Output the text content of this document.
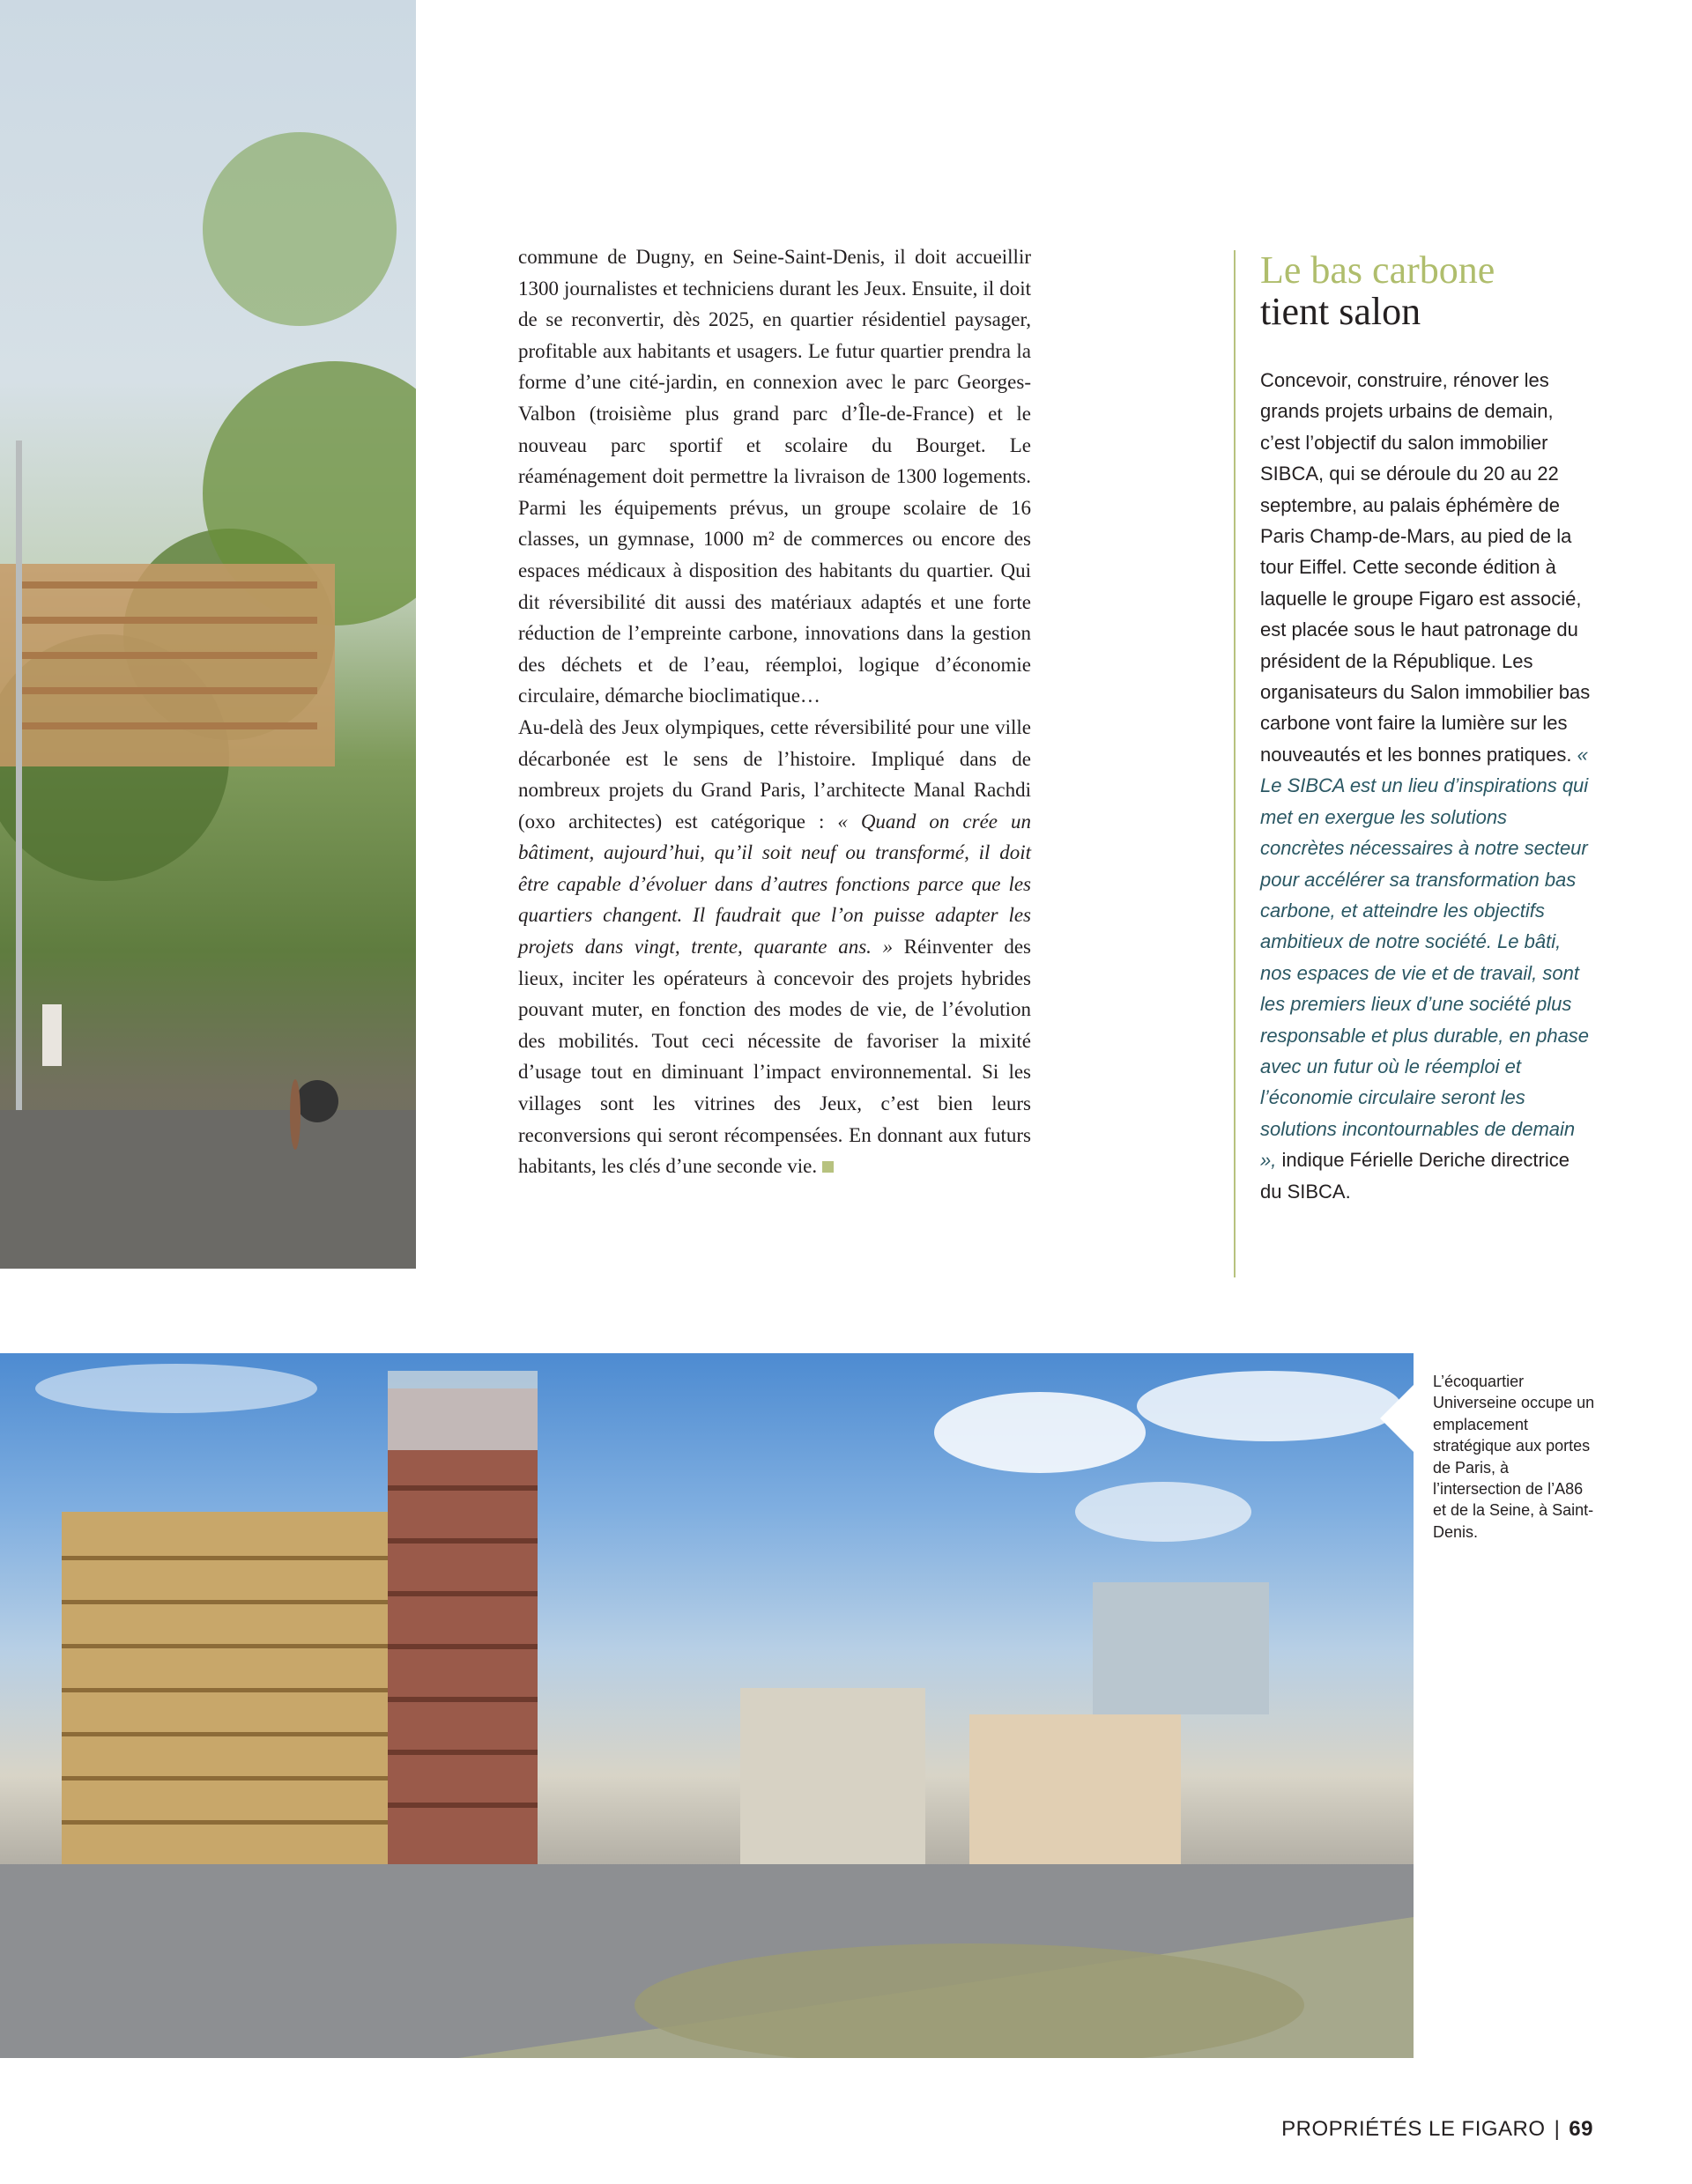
commune de Dugny, en Seine-Saint-Denis, il doit accueillir 1300 journalistes et techniciens durant les Jeux. Ensuite, il doit de se reconvertir, dès 2025, en quartier résidentiel paysager, profitable aux habitants et usagers. Le futur quartier prendra la forme d’une cité-jardin, en connexion avec le parc Georges-Valbon (troisième plus grand parc d’Île-de-France) et le nouveau parc sportif et scolaire du Bourget. Le réaménagement doit permettre la livraison de 1300 logements. Parmi les équipements prévus, un groupe scolaire de 16 classes, un gymnase, 1000 m² de commerces ou encore des espaces médicaux à disposition des habitants du quartier. Qui dit réversibilité dit aussi des matériaux adaptés et une forte réduction de l’empreinte carbone, innovations dans la gestion des déchets et de l’eau, réemploi, logique d’économie circulaire, démarche bioclimatique…

Au-delà des Jeux olympiques, cette réversibilité pour une ville décarbonée est le sens de l’histoire. Impliqué dans de nombreux projets du Grand Paris, l’architecte Manal Rachdi (oxo architectes) est catégorique : « Quand on crée un bâtiment, aujourd’hui, qu’il soit neuf ou transformé, il doit être capable d’évoluer dans d’autres fonctions parce que les quartiers changent. Il faudrait que l’on puisse adapter les projets dans vingt, trente, quarante ans. » Réinventer des lieux, inciter les opérateurs à concevoir des projets hybrides pouvant muter, en fonction des modes de vie, de l’évolution des mobilités. Tout ceci nécessite de favoriser la mixité d’usage tout en diminuant l’impact environnemental. Si les villages sont les vitrines des Jeux, c’est bien leurs reconversions qui seront récompensées. En donnant aux futurs habitants, les clés d’une seconde vie.

Le bas carbone
tient salon
Concevoir, construire, rénover les grands projets urbains de demain, c’est l’objectif du salon immobilier SIBCA, qui se déroule du 20 au 22 septembre, au palais éphémère de Paris Champ-de-Mars, au pied de la tour Eiffel. Cette seconde édition à laquelle le groupe Figaro est associé, est placée sous le haut patronage du président de la République. Les organisateurs du Salon immobilier bas carbone vont faire la lumière sur les nouveautés et les bonnes pratiques. « Le SIBCA est un lieu d’inspirations qui met en exergue les solutions concrètes nécessaires à notre secteur pour accélérer sa transformation bas carbone, et atteindre les objectifs ambitieux de notre société. Le bâti, nos espaces de vie et de travail, sont les premiers lieux d’une société plus responsable et plus durable, en phase avec un futur où le réemploi et l’économie circulaire seront les solutions incontournables de demain », indique Férielle Deriche directrice du SIBCA.
L’écoquartier Universeine occupe un emplacement stratégique aux portes de Paris, à l’intersection de l’A86 et de la Seine, à Saint-Denis.
PROPRIÉTÉS LE FIGARO | 69
